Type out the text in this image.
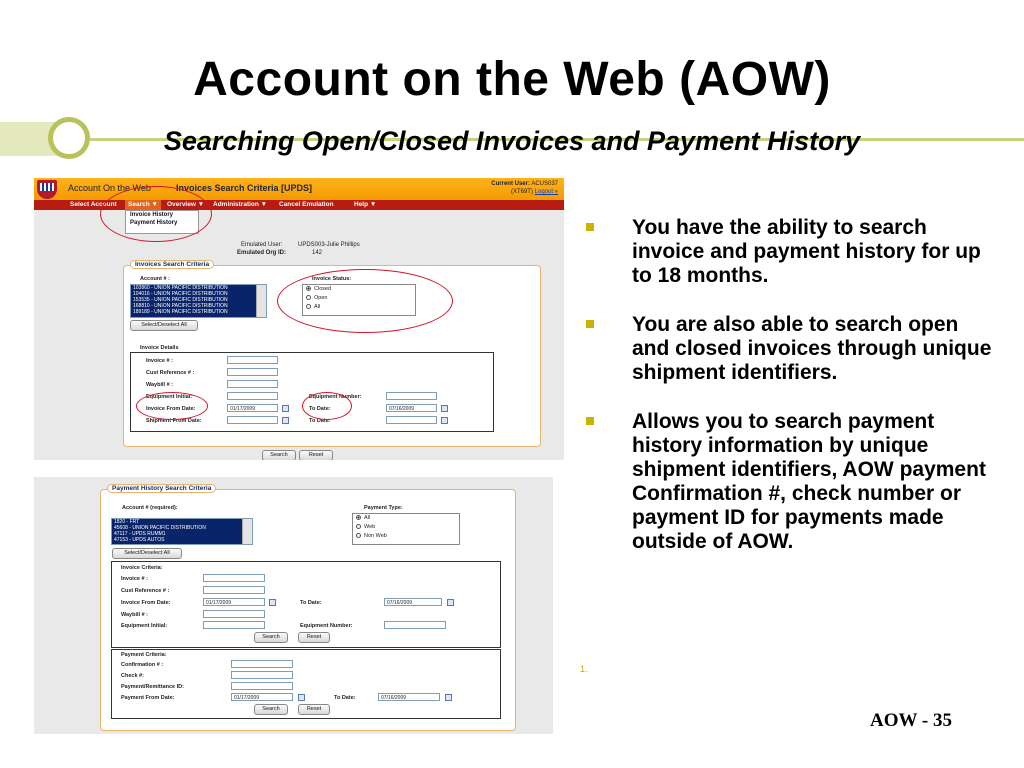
Account on the Web (AOW)
Searching Open/Closed Invoices and Payment History
Account On the Web	Invoices Search Criteria [UPDS]	Current User: ACUS037
(XT69T) Logout »
Select Account	Search ▼	Overview ▼ Administration ▼ Cancel Emulation	Help ▼
Invoice History
Payment History
Emulated User:	UPDS003-Julie Phillips
Emulated Org ID:	142
Invoices Search Criteria
Account # :
103860 - UNION PACIFIC DISTRIBUTION
104016 - UNION PACIFIC DISTRIBUTION
153535 - UNION PACIFIC DISTRIBUTION
168810 - UNION PACIFIC DISTRIBUTION
189189 - UNION PACIFIC DISTRIBUTION
Select/Deselect All
Invoice Status:
Closed
Open
All
Invoice Details
Invoice # :
Cust Reference # :
Waybill # :
Equipment Initial:	Equipment Number:
Invoice From Date:	01/17/2009	To Date:	07/16/2009
Shipment From Date:	To Date:
Search	Reset
Payment History Search Criteria
Account # (required):
1820 - FRT
45608 - UNION PACIFIC DISTRIBUTION
47117 - UPDS RUMM1
47153 - UPDS AUTOS
Select/Deselect All
Payment Type:
All
Web
Non Web
Invoice Criteria:
Invoice # :
Cust Reference # :
Invoice From Date:	01/17/2009	To Date:	07/16/2009
Waybill # :
Equipment Initial:	Equipment Number:
Search	Reset
Payment Criteria:
Confirmation # :
Check #:
Payment/Remittance ID:
Payment From Date:	01/17/2009	To Date:	07/16/2009
Search	Reset
You have the ability to search invoice and payment history for up to 18 months.
You are also able to search open and closed invoices through unique shipment identifiers.
Allows you to search payment history information by unique shipment identifiers, AOW payment Confirmation #, check number or payment ID for payments made outside of AOW.
1.
AOW - 35
